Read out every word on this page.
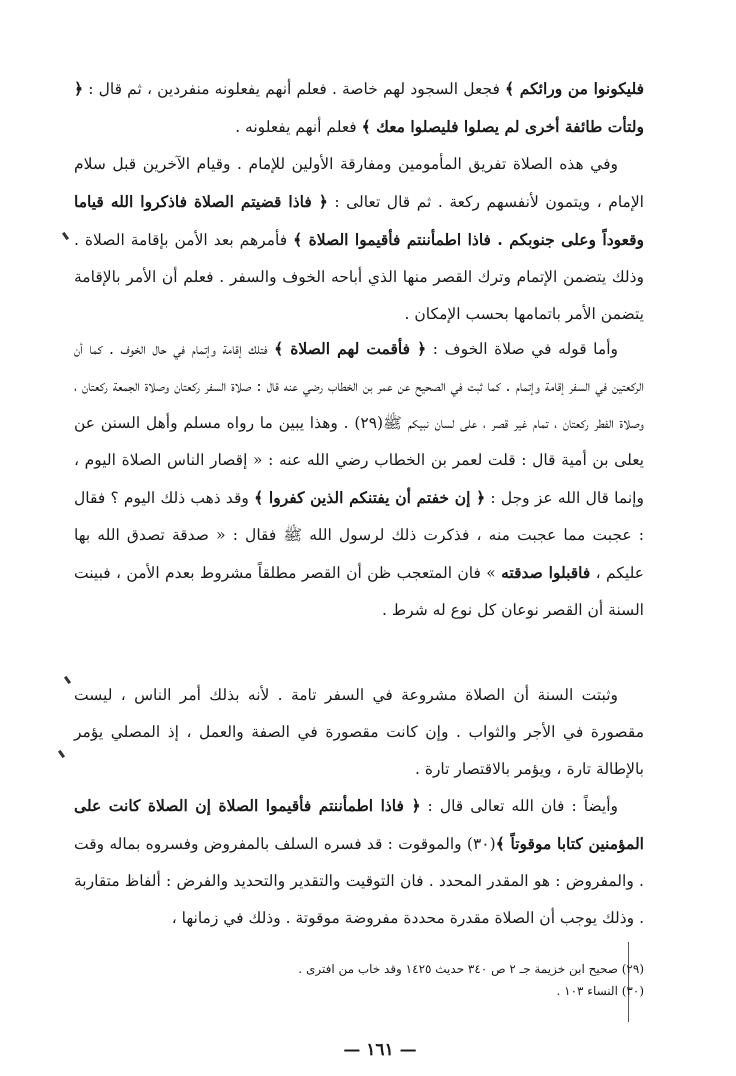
فليكونوا من ورائكم ﴾ فجعل السجود لهم خاصة . فعلم أنهم يفعلونه منفردين ، ثم قال : ﴿ ولتأت طائفة أخرى لم يصلوا فليصلوا معك ﴾ فعلم أنهم يفعلونه .

وفي هذه الصلاة تفريق المأمومين ومفارقة الأولين للإمام . وقيام الآخرين قبل سلام الإمام ، ويتمون لأنفسهم ركعة . ثم قال تعالى : ﴿ فاذا قضيتم الصلاة فاذكروا الله قياما وقعوداً وعلى جنوبكم . فاذا اطمأننتم فأقيموا الصلاة ﴾ فأمرهم بعد الأمن بإقامة الصلاة . وذلك يتضمن الإتمام وترك القصر منها الذي أباحه الخوف والسفر . فعلم أن الأمر بالإقامة يتضمن الأمر باتمامها بحسب الإمكان .

وأما قوله في صلاة الخوف : ﴿ فأقمت لهم الصلاة ﴾ فتلك إقامة وإتمام في حال الخوف . كما أن الركعتين في السفر إقامة وإتمام . كما ثبت في الصحيح عن عمر بن الخطاب رضي عنه قال : صلاة السفر ركعتان وصلاة الجمعة ركعتان ، وصلاة الفطر ركعتان ، تمام غير قصر ، على لسان نبيكم ﷺ(٢٩) . وهذا يبين ما رواه مسلم وأهل السنن عن يعلى بن أمية قال : قلت لعمر بن الخطاب رضي الله عنه : « إقصار الناس الصلاة اليوم ، وإنما قال الله عز وجل : ﴿ إن خفتم أن يفتنكم الذين كفروا ﴾ وقد ذهب ذلك اليوم ؟ فقال : عجبت مما عجبت منه ، فذكرت ذلك لرسول الله ﷺ فقال : « صدقة تصدق الله بها عليكم ، فاقبلوا صدقته » فان المتعجب ظن أن القصر مطلقاً مشروط بعدم الأمن ، فبينت السنة أن القصر نوعان كل نوع له شرط .

وثبتت السنة أن الصلاة مشروعة في السفر تامة . لأنه بذلك أمر الناس ، ليست مقصورة في الأجر والثواب . وإن كانت مقصورة في الصفة والعمل ، إذ المصلي يؤمر بالإطالة تارة ، ويؤمر بالاقتصار تارة .

وأيضاً : فان الله تعالى قال : ﴿ فاذا اطمأننتم فأقيموا الصلاة إن الصلاة كانت على المؤمنين كتابا موقوتاً ﴾(٣٠) والموقوت : قد فسره السلف بالمفروض وفسروه بماله وقت . والمفروض : هو المقدر المحدد . فان التوقيت والتقدير والتحديد والفرض : ألفاظ متقاربة . وذلك يوجب أن الصلاة مقدرة محددة مفروضة موقوتة . وذلك في زمانها ،

(٢٩) صحيح ابن خزيمة جـ ٢ ص ٣٤٠ حديث ١٤٢٥ وقد خاب من افترى .
(٣٠) النساء ١٠٣ .
— ١٦١ —
